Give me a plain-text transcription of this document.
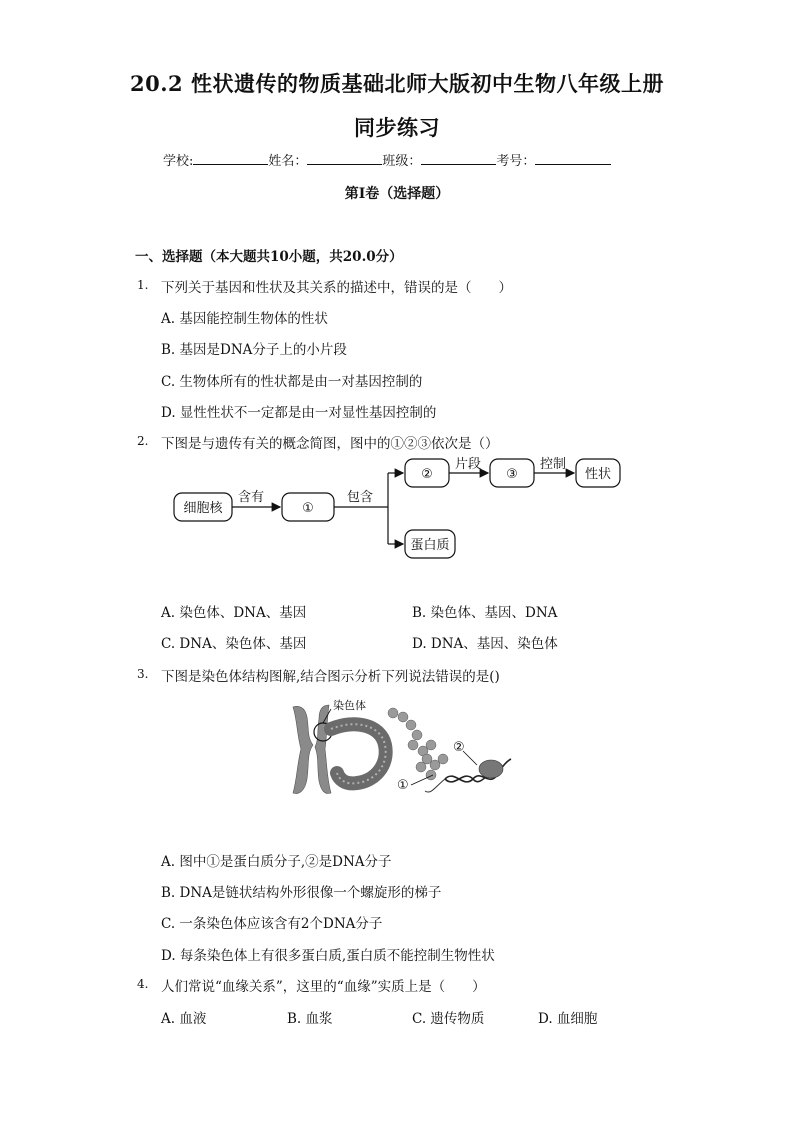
20.2 性状遗传的物质基础北师大版初中生物八年级上册
同步练习
学校:	姓名：	班级：	考号：
第I卷（选择题）
一、选择题（本大题共10小题，共20.0分）
1. 下列关于基因和性状及其关系的描述中，错误的是（　　）
A. 基因能控制生物体的性状
B. 基因是DNA分子上的小片段
C. 生物体所有的性状都是由一对基因控制的
D. 显性性状不一定都是由一对显性基因控制的
2. 下图是与遗传有关的概念简图，图中的①②③依次是（）
细胞核
含有
①
包含
②
片段
③
控制
性状
蛋白质
A. 染色体、DNA、基因	B. 染色体、基因、DNA
C. DNA、染色体、基因	D. DNA、基因、染色体
3. 下图是染色体结构图解,结合图示分析下列说法错误的是()
染色体
①
②
A. 图中①是蛋白质分子,②是DNA分子
B. DNA是链状结构外形很像一个螺旋形的梯子
C. 一条染色体应该含有2个DNA分子
D. 每条染色体上有很多蛋白质,蛋白质不能控制生物性状
4. 人们常说“血缘关系”，这里的“血缘”实质上是（　　）
A. 血液	B. 血浆	C. 遗传物质	D. 血细胞
